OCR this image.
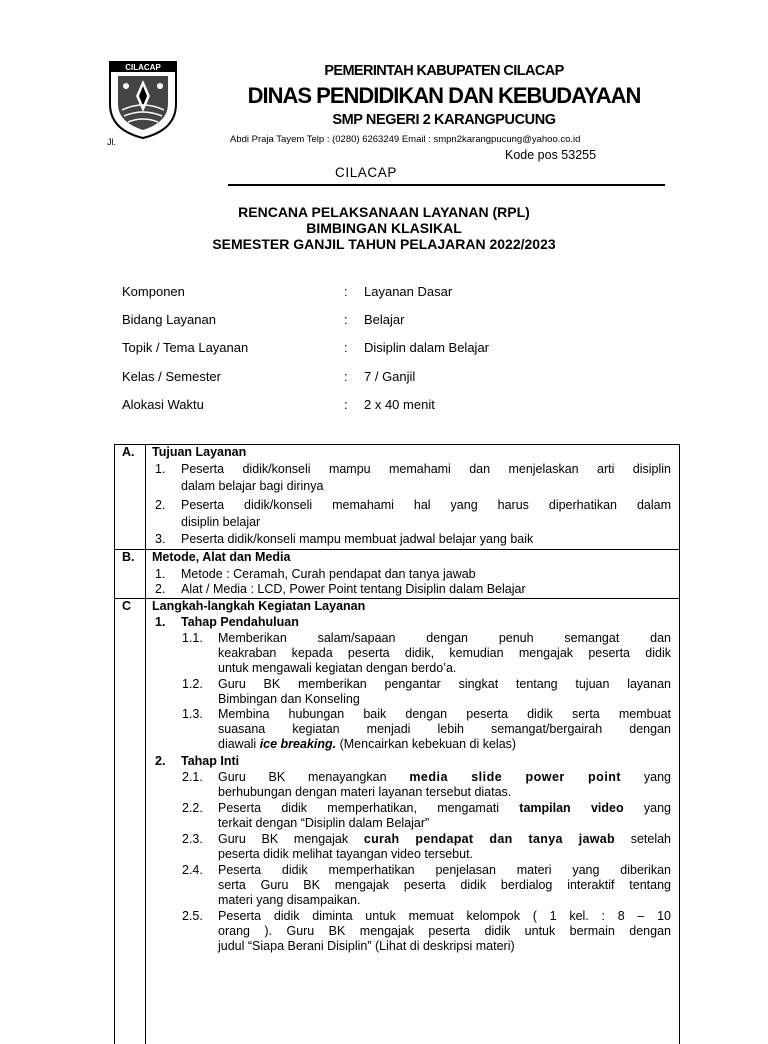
CILACAP	PEMERINTAH KABUPATEN CILACAP
DINAS PENDIDIKAN DAN KEBUDAYAAN
SMP NEGERI 2 KARANGPUCUNG
Jl.	Abdi Praja Tayem Telp : (0280) 6263249 Email : smpn2karangpucung@yahoo.co.id
Kode pos 53255
CILACAP
RENCANA PELAKSANAAN LAYANAN (RPL)
BIMBINGAN KLASIKAL
SEMESTER GANJIL TAHUN PELAJARAN 2022/2023
Komponen	: Layanan Dasar
Bidang Layanan	: Belajar
Topik / Tema Layanan	: Disiplin dalam Belajar
Kelas / Semester	: 7 / Ganjil
Alokasi Waktu	: 2 x 40 menit
A. Tujuan Layanan
1. Peserta didik/konseli mampu memahami dan menjelaskan arti disiplin
dalam belajar bagi dirinya
2. Peserta didik/konseli memahami hal yang harus diperhatikan dalam
disiplin belajar
3. Peserta didik/konseli mampu membuat jadwal belajar yang baik
B. Metode, Alat dan Media
1. Metode : Ceramah, Curah pendapat dan tanya jawab
2. Alat / Media : LCD, Power Point tentang Disiplin dalam Belajar
C Langkah-langkah Kegiatan Layanan
1. Tahap Pendahuluan
1.1. Memberikan salam/sapaan dengan penuh semangat dan
keakraban kepada peserta didik, kemudian mengajak peserta didik
untuk mengawali kegiatan dengan berdo’a.
1.2. Guru BK memberikan pengantar singkat tentang tujuan layanan
Bimbingan dan Konseling
1.3. Membina hubungan baik dengan peserta didik serta membuat
suasana kegiatan menjadi lebih semangat/bergairah dengan
diawali ice breaking. (Mencairkan kebekuan di kelas)
2. Tahap Inti
2.1. Guru BK menayangkan media slide power point yang
berhubungan dengan materi layanan tersebut diatas.
2.2. Peserta didik memperhatikan, mengamati tampilan video yang
terkait dengan “Disiplin dalam Belajar”
2.3. Guru BK mengajak curah pendapat dan tanya jawab setelah
peserta didik melihat tayangan video tersebut.
2.4. Peserta didik memperhatikan penjelasan materi yang diberikan
serta Guru BK mengajak peserta didik berdialog interaktif tentang
materi yang disampaikan.
2.5. Peserta didik diminta untuk memuat kelompok ( 1 kel. : 8 – 10
orang ). Guru BK mengajak peserta didik untuk bermain dengan
judul “Siapa Berani Disiplin” (Lihat di deskripsi materi)
